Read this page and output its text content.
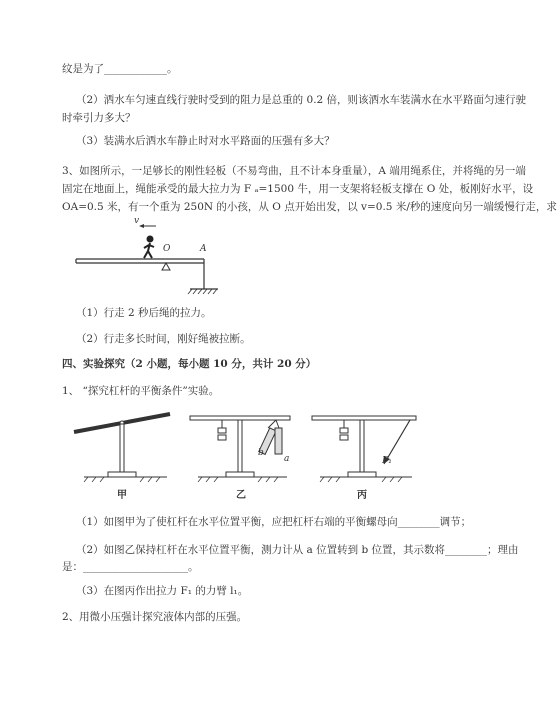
纹是为了____________。
（2）洒水车匀速直线行驶时受到的阻力是总重的 0.2 倍，则该洒水车装满水在水平路面匀速行驶
时牵引力多大？
（3）装满水后洒水车静止时对水平路面的压强有多大？
3、如图所示，一足够长的刚性轻板（不易弯曲，且不计本身重量），A 端用绳系住，并将绳的另一端
固定在地面上，绳能承受的最大拉力为 F ₐ=1500 牛，用一支架将轻板支撑在 O 处，板刚好水平，设
OA=0.5 米，有一个重为 250N 的小孩，从 O 点开始出发，以 v=0.5 米/秒的速度向另一端缓慢行走，求
v
O	A
（1）行走 2 秒后绳的拉力。
（2）行走多长时间，刚好绳被拉断。
四、实验探究（2 小题，每小题 10 分，共计 20 分）
1、 “探究杠杆的平衡条件”实验。
b
a	F₁
甲	乙	丙
（1）如图甲为了使杠杆在水平位置平衡，应把杠杆右端的平衡螺母向________调节；
（2）如图乙保持杠杆在水平位置平衡，测力计从 a 位置转到 b 位置，其示数将________；理由
是：____________________。
（3）在图丙作出拉力 F₁ 的力臂 l₁。
2、用微小压强计探究液体内部的压强。
